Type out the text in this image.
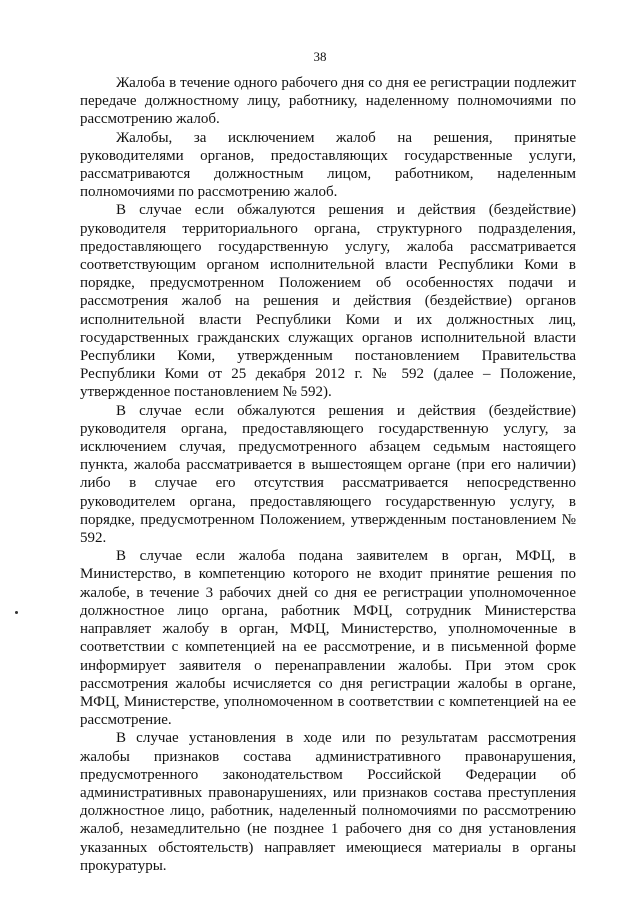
38

Жалоба в течение одного рабочего дня со дня ее регистрации подлежит передаче должностному лицу, работнику, наделенному полномочиями по рассмотрению жалоб.

Жалобы, за исключением жалоб на решения, принятые руководителями органов, предоставляющих государственные услуги, рассматриваются должностным лицом, работником, наделенным полномочиями по рассмотрению жалоб.

В случае если обжалуются решения и действия (бездействие) руководителя территориального органа, структурного подразделения, предоставляющего государственную услугу, жалоба рассматривается соответствующим органом исполнительной власти Республики Коми в порядке, предусмотренном Положением об особенностях подачи и рассмотрения жалоб на решения и действия (бездействие) органов исполнительной власти Республики Коми и их должностных лиц, государственных гражданских служащих органов исполнительной власти Республики Коми, утвержденным постановлением Правительства Республики Коми от 25 декабря 2012 г. № 592 (далее – Положение, утвержденное постановлением № 592).

В случае если обжалуются решения и действия (бездействие) руководителя органа, предоставляющего государственную услугу, за исключением случая, предусмотренного абзацем седьмым настоящего пункта, жалоба рассматривается в вышестоящем органе (при его наличии) либо в случае его отсутствия рассматривается непосредственно руководителем органа, предоставляющего государственную услугу, в порядке, предусмотренном Положением, утвержденным постановлением № 592.

В случае если жалоба подана заявителем в орган, МФЦ, в Министерство, в компетенцию которого не входит принятие решения по жалобе, в течение 3 рабочих дней со дня ее регистрации уполномоченное должностное лицо органа, работник МФЦ, сотрудник Министерства направляет жалобу в орган, МФЦ, Министерство, уполномоченные в соответствии с компетенцией на ее рассмотрение, и в письменной форме информирует заявителя о перенаправлении жалобы. При этом срок рассмотрения жалобы исчисляется со дня регистрации жалобы в органе, МФЦ, Министерстве, уполномоченном в соответствии с компетенцией на ее рассмотрение.

В случае установления в ходе или по результатам рассмотрения жалобы признаков состава административного правонарушения, предусмотренного законодательством Российской Федерации об административных правонарушениях, или признаков состава преступления должностное лицо, работник, наделенный полномочиями по рассмотрению жалоб, незамедлительно (не позднее 1 рабочего дня со дня установления указанных обстоятельств) направляет имеющиеся материалы в органы прокуратуры.
